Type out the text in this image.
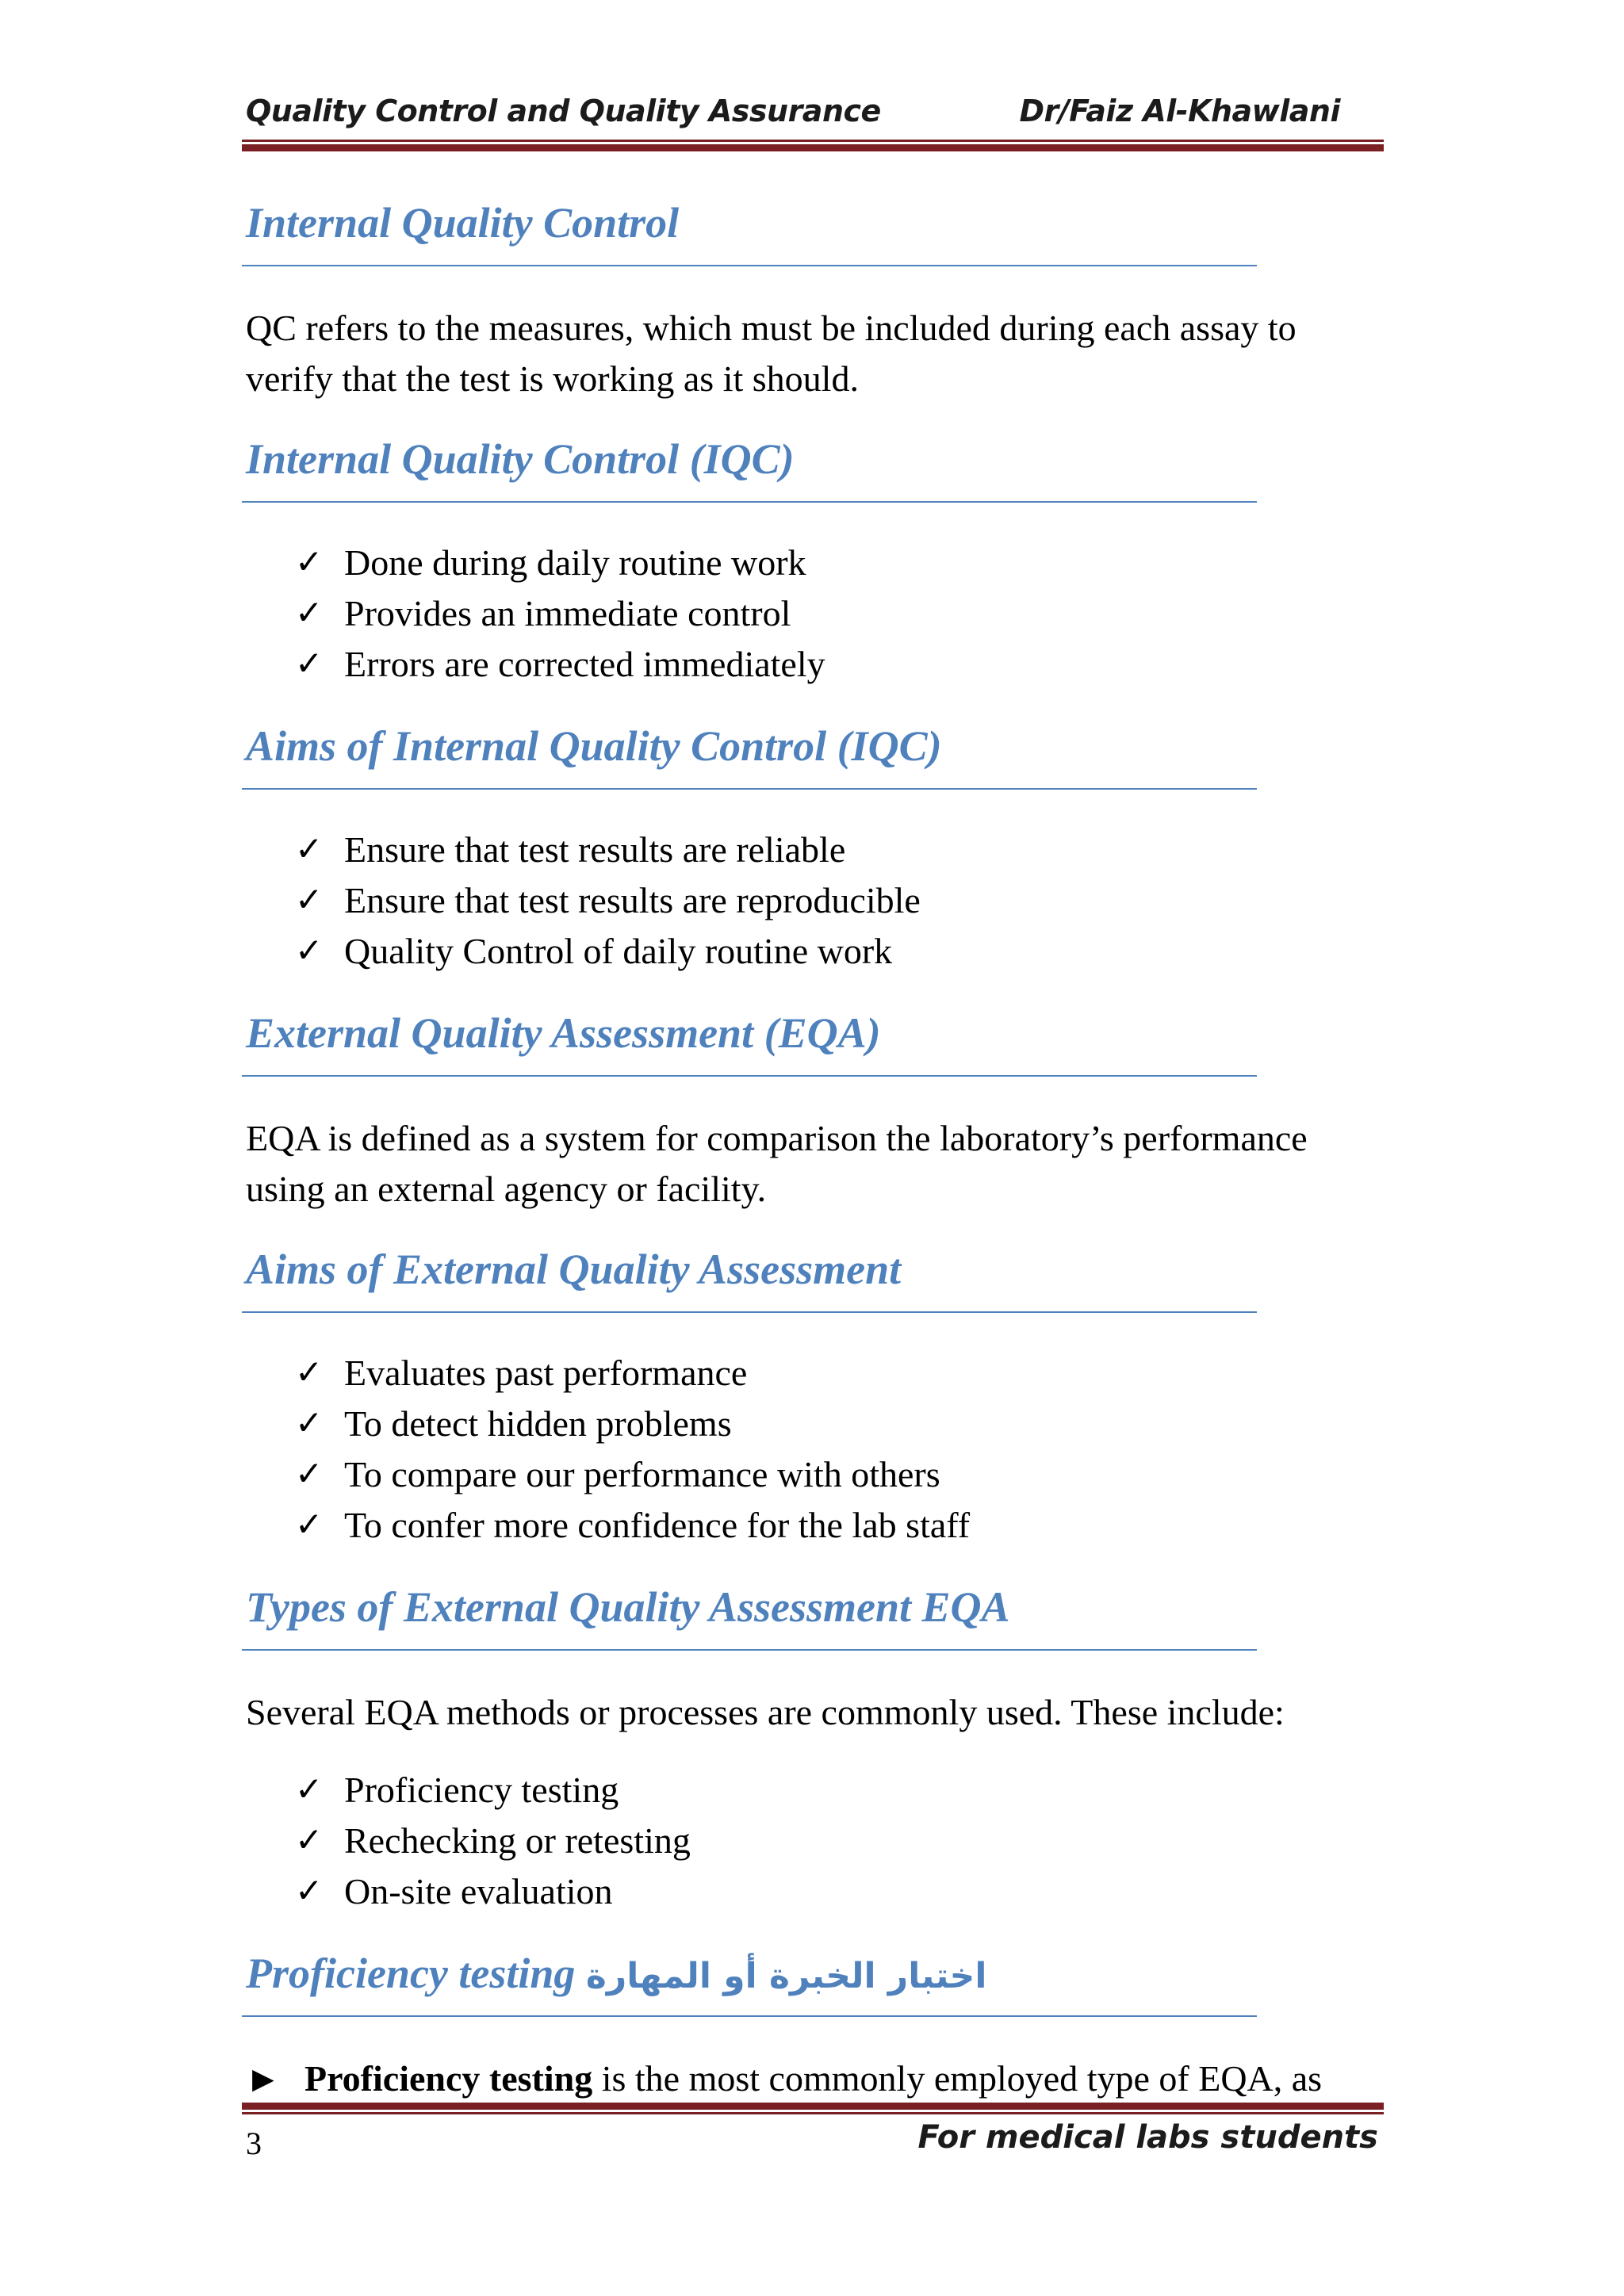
Quality Control and Quality Assurance	Dr/Faiz Al-Khawlani
Internal Quality Control

QC refers to the measures, which must be included during each assay to verify that the test is working as it should.

Internal Quality Control (IQC)
✓ Done during daily routine work
✓ Provides an immediate control
✓ Errors are corrected immediately
Aims of Internal Quality Control (IQC)
✓ Ensure that test results are reliable
✓ Ensure that test results are reproducible
✓ Quality Control of daily routine work
External Quality Assessment (EQA)

EQA is defined as a system for comparison the laboratory’s performance using an external agency or facility.

Aims of External Quality Assessment
✓ Evaluates past performance
✓ To detect hidden problems
✓ To compare our performance with others
✓ To confer more confidence for the lab staff
Types of External Quality Assessment EQA

Several EQA methods or processes are commonly used. These include:

✓ Proficiency testing
✓ Rechecking or retesting
✓ On-site evaluation
Proficiency testing اختبار الخبرة أو المهارة

▶ Proficiency testing is the most commonly employed type of EQA, as

3	For medical labs students
